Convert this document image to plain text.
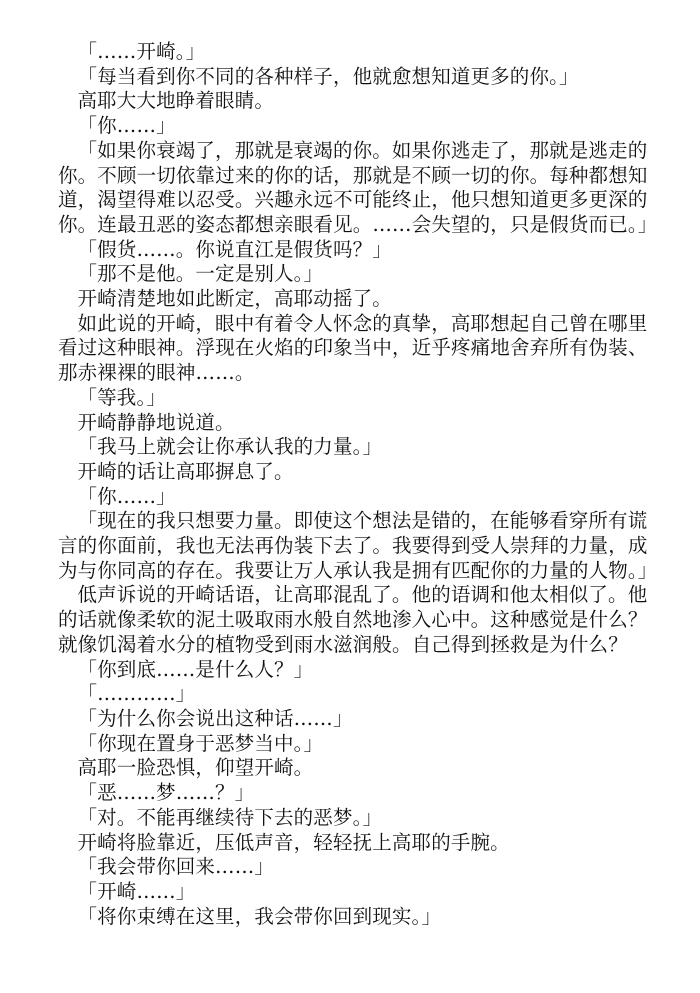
「……开崎。」

「每当看到你不同的各种样子，他就愈想知道更多的你。」

高耶大大地睁着眼睛。

「你……」

「如果你衰竭了，那就是衰竭的你。如果你逃走了，那就是逃走的你。不顾一切依靠过来的你的话，那就是不顾一切的你。每种都想知道，渴望得难以忍受。兴趣永远不可能终止，他只想知道更多更深的你。连最丑恶的姿态都想亲眼看见。……会失望的，只是假货而已。」

「假货……。你说直江是假货吗？」

「那不是他。一定是别人。」

开崎清楚地如此断定，高耶动摇了。

如此说的开崎，眼中有着令人怀念的真挚，高耶想起自己曾在哪里看过这种眼神。浮现在火焰的印象当中，近乎疼痛地舍弃所有伪装、那赤裸裸的眼神……。

「等我。」

开崎静静地说道。

「我马上就会让你承认我的力量。」

开崎的话让高耶摒息了。

「你……」

「现在的我只想要力量。即使这个想法是错的，在能够看穿所有谎言的你面前，我也无法再伪装下去了。我要得到受人崇拜的力量，成为与你同高的存在。我要让万人承认我是拥有匹配你的力量的人物。」

低声诉说的开崎话语，让高耶混乱了。他的语调和他太相似了。他的话就像柔软的泥土吸取雨水般自然地渗入心中。这种感觉是什么？就像饥渴着水分的植物受到雨水滋润般。自己得到拯救是为什么？

「你到底……是什么人？」

「…………」

「为什么你会说出这种话……」

「你现在置身于恶梦当中。」

高耶一脸恐惧，仰望开崎。

「恶……梦……？」

「对。不能再继续待下去的恶梦。」

开崎将脸靠近，压低声音，轻轻抚上高耶的手腕。

「我会带你回来……」

「开崎……」

「将你束缚在这里，我会带你回到现实。」
